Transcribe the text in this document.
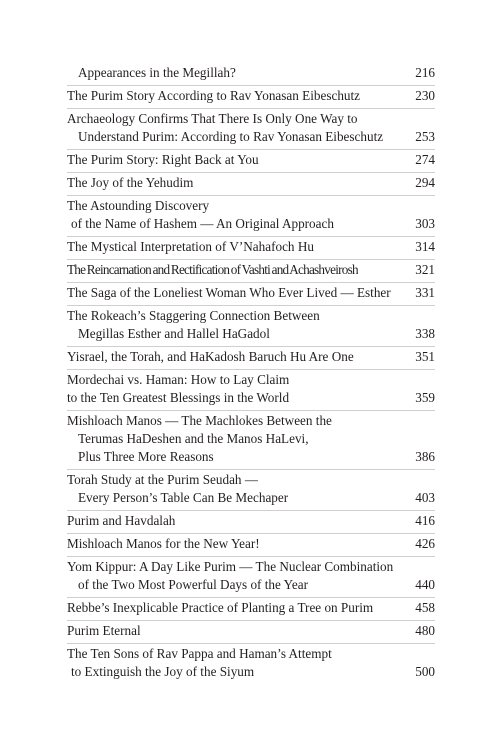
Appearances in the Megillah?	216
The Purim Story According to Rav Yonasan Eibeschutz	230
Archaeology Confirms That There Is Only One Way to
Understand Purim: According to Rav Yonasan Eibeschutz	253
The Purim Story: Right Back at You	274
The Joy of the Yehudim	294
The Astounding Discovery
of the Name of Hashem — An Original Approach	303
The Mystical Interpretation of V’Nahafoch Hu	314
The Reincarnation and Rectification of Vashti and Achashveirosh	321
The Saga of the Loneliest Woman Who Ever Lived — Esther	331
The Rokeach’s Staggering Connection Between
Megillas Esther and Hallel HaGadol	338
Yisrael, the Torah, and HaKadosh Baruch Hu Are One	351
Mordechai vs. Haman: How to Lay Claim
to the Ten Greatest Blessings in the World	359
Mishloach Manos — The Machlokes Between the
Terumas HaDeshen and the Manos HaLevi,
Plus Three More Reasons	386
Torah Study at the Purim Seudah —
Every Person’s Table Can Be Mechaper	403
Purim and Havdalah	416
Mishloach Manos for the New Year!	426
Yom Kippur: A Day Like Purim — The Nuclear Combination
of the Two Most Powerful Days of the Year	440
Rebbe’s Inexplicable Practice of Planting a Tree on Purim	458
Purim Eternal	480
The Ten Sons of Rav Pappa and Haman’s Attempt
to Extinguish the Joy of the Siyum	500
